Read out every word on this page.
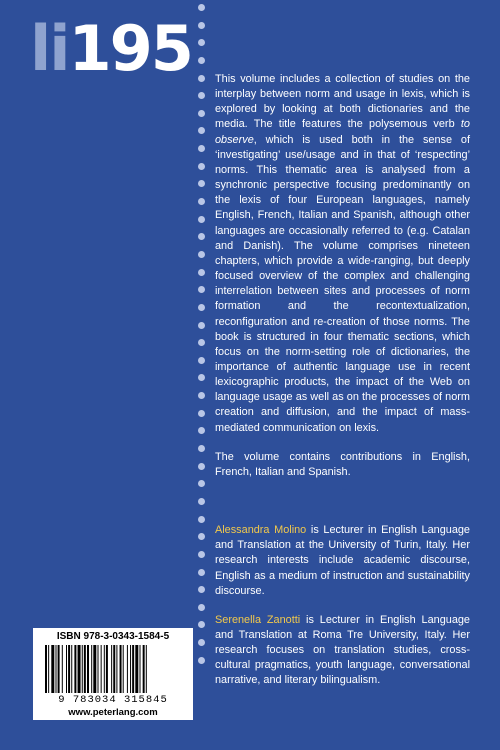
li195 This volume includes a collection of studies on the interplay between norm and usage in lexis, which is explored by looking at both dictionaries and the media. The title features the polysemous verb to observe, which is used both in the sense of ‘investigating’ use/usage and in that of ‘respecting’ norms. This thematic area is analysed from a synchronic perspective focusing predominantly on the lexis of four European languages, namely English, French, Italian and Spanish, although other languages are occasionally referred to (e.g. Catalan and Danish). The volume comprises nineteen chapters, which provide a wide-ranging, but deeply focused overview of the complex and challenging interrelation between sites and processes of norm formation and the recontextualization, reconfiguration and re-creation of those norms. The book is structured in four thematic sections, which focus on the norm-setting role of dictionaries, the importance of authentic language use in recent lexicographic products, the impact of the Web on language usage as well as on the processes of norm creation and diffusion, and the impact of mass-mediated communication on lexis.

The volume contains contributions in English, French, Italian and Spanish.

Alessandra Molino is Lecturer in English Language and Translation at the University of Turin, Italy. Her research interests include academic discourse, English as a medium of instruction and sustainability discourse.

Serenella Zanotti is Lecturer in English Language and Translation at Roma Tre University, Italy. Her research focuses on translation studies, cross-cultural pragmatics, youth language, conversational narrative, and literary bilingualism.

ISBN 978-3-0343-1584-5
9 783034 315845
www.peterlang.com
